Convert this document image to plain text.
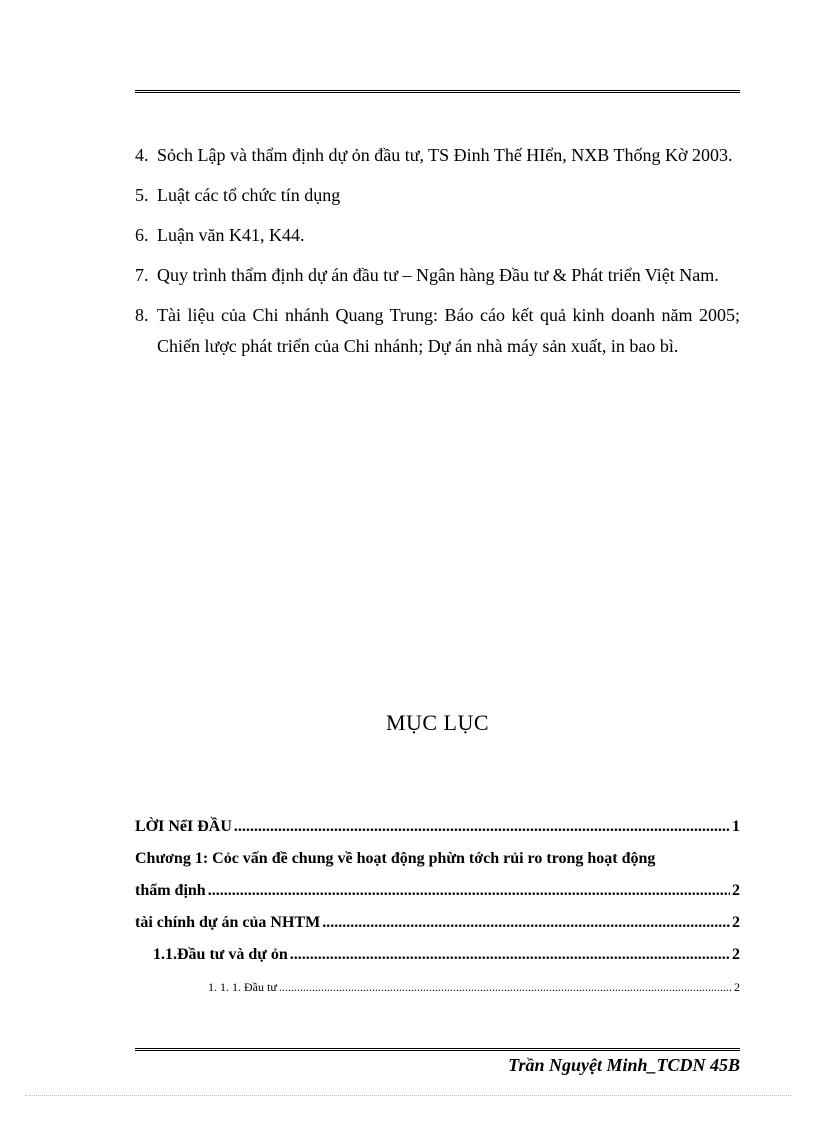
4. Sỏch Lập và thẩm định dự ỏn đầu tư, TS Đinh Thế HIển, NXB Thống Kờ 2003.
5. Luật các tổ chức tín dụng
6. Luận văn K41, K44.
7. Quy trình thẩm định dự án đầu tư – Ngân hàng Đầu tư & Phát triển Việt Nam.
8. Tài liệu của Chi nhánh Quang Trung: Báo cáo kết quả kinh doanh năm 2005; Chiến lược phát triển của Chi nhánh; Dự án nhà máy sản xuất, in bao bì.
MỤC LỤC
LỜI NểI ĐẦU .....	1
Chương 1: Cỏc vấn đề chung về hoạt động phừn tớch rủi ro trong hoạt động
thẩm định .....	2
tài chính dự án của NHTM .....	2
1.1.Đầu tư và dự ỏn .....	2
1. 1. 1. Đầu tư .....	2
Trần Nguyệt Minh_TCDN 45B
